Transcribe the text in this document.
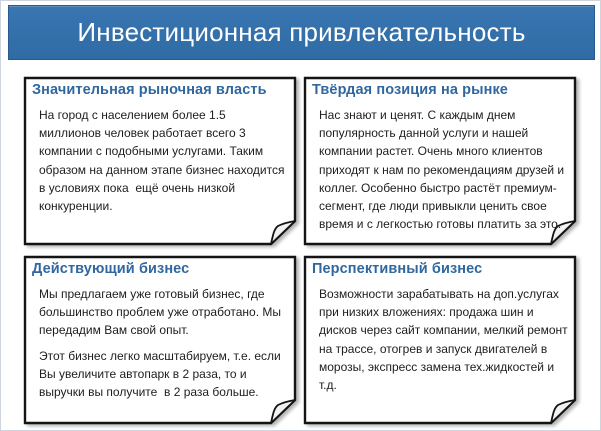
Инвестиционная привлекательность
Значительная рыночная власть

На город с населением более 1.5 миллионов человек работает всего 3 компании с подобными услугами. Таким образом на данном этапе бизнес находится в условиях пока  ещё очень низкой конкуренции.

Твёрдая позиция на рынке

Нас знают и ценят. С каждым днем популярность данной услуги и нашей компании растет. Очень много клиентов приходят к нам по рекомендациям друзей и коллег. Особенно быстро растёт премиум-сегмент, где люди привыкли ценить свое время и с легкостью готовы платить за это.

Действующий бизнес

Мы предлагаем уже готовый бизнес, где большинство проблем уже отработано. Мы передадим Вам свой опыт.

Этот бизнес легко масштабируем, т.е. если Вы увеличите автопарк в 2 раза, то и выручки вы получите  в 2 раза больше.

Перспективный бизнес

Возможности зарабатывать на доп.услугах при низких вложениях: продажа шин и дисков через сайт компании, мелкий ремонт на трассе, отогрев и запуск двигателей в морозы, экспресс замена тех.жидкостей и т.д.
